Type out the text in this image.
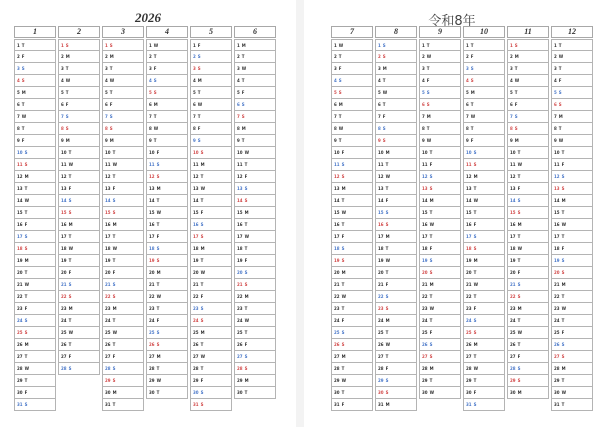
2026
1
1 T
2 F
3 S
4 S
5 M
6 T
7 W
8 T
9 F
10 S
11 S
12 M
13 T
14 W
15 T
16 F
17 S
18 S
19 M
20 T
21 W
22 T
23 F
24 S
25 S
26 M
27 T
28 W
29 T
30 F
31 S
2
1 S
2 M
3 T
4 W
5 T
6 F
7 S
8 S
9 M
10 T
11 W
12 T
13 F
14 S
15 S
16 M
17 T
18 W
19 T
20 F
21 S
22 S
23 M
24 T
25 W
26 T
27 F
28 S
3
1 S
2 M
3 T
4 W
5 T
6 F
7 S
8 S
9 M
10 T
11 W
12 T
13 F
14 S
15 S
16 M
17 T
18 W
19 T
20 F
21 S
22 S
23 M
24 T
25 W
26 T
27 F
28 S
29 S
30 M
31 T
4
1 W
2 T
3 F
4 S
5 S
6 M
7 T
8 W
9 T
10 F
11 S
12 S
13 M
14 T
15 W
16 T
17 F
18 S
19 S
20 M
21 T
22 W
23 T
24 F
25 S
26 S
27 M
28 T
29 W
30 T
5
1 F
2 S
3 S
4 M
5 T
6 W
7 T
8 F
9 S
10 S
11 M
12 T
13 W
14 T
15 F
16 S
17 S
18 M
19 T
20 W
21 T
22 F
23 S
24 S
25 M
26 T
27 W
28 T
29 F
30 S
31 S
6
1 M
2 T
3 W
4 T
5 F
6 S
7 S
8 M
9 T
10 W
11 T
12 F
13 S
14 S
15 M
16 T
17 W
18 T
19 F
20 S
21 S
22 M
23 T
24 W
25 T
26 F
27 S
28 S
29 M
30 T
令和8年
7
1 W
2 T
3 F
4 S
5 S
6 M
7 T
8 W
9 T
10 F
11 S
12 S
13 M
14 T
15 W
16 T
17 F
18 S
19 S
20 M
21 T
22 W
23 T
24 F
25 S
26 S
27 M
28 T
29 W
30 T
31 F
8
1 S
2 S
3 M
4 T
5 W
6 T
7 F
8 S
9 S
10 M
11 T
12 W
13 T
14 F
15 S
16 S
17 M
18 T
19 W
20 T
21 F
22 S
23 S
24 M
25 T
26 W
27 T
28 F
29 S
30 S
31 M
9
1 T
2 W
3 T
4 F
5 S
6 S
7 M
8 T
9 W
10 T
11 F
12 S
13 S
14 M
15 T
16 W
17 T
18 F
19 S
20 S
21 M
22 T
23 W
24 T
25 F
26 S
27 S
28 M
29 T
30 W
10
1 T
2 F
3 S
4 S
5 M
6 T
7 W
8 T
9 F
10 S
11 S
12 M
13 T
14 W
15 T
16 F
17 S
18 S
19 M
20 T
21 W
22 T
23 F
24 S
25 S
26 M
27 T
28 W
29 T
30 F
31 S
11
1 S
2 M
3 T
4 W
5 T
6 F
7 S
8 S
9 M
10 T
11 W
12 T
13 F
14 S
15 S
16 M
17 T
18 W
19 T
20 F
21 S
22 S
23 M
24 T
25 W
26 T
27 F
28 S
29 S
30 M
12
1 T
2 W
3 T
4 F
5 S
6 S
7 M
8 T
9 W
10 T
11 F
12 S
13 S
14 M
15 T
16 W
17 T
18 F
19 S
20 S
21 M
22 T
23 W
24 T
25 F
26 S
27 S
28 M
29 T
30 W
31 T
